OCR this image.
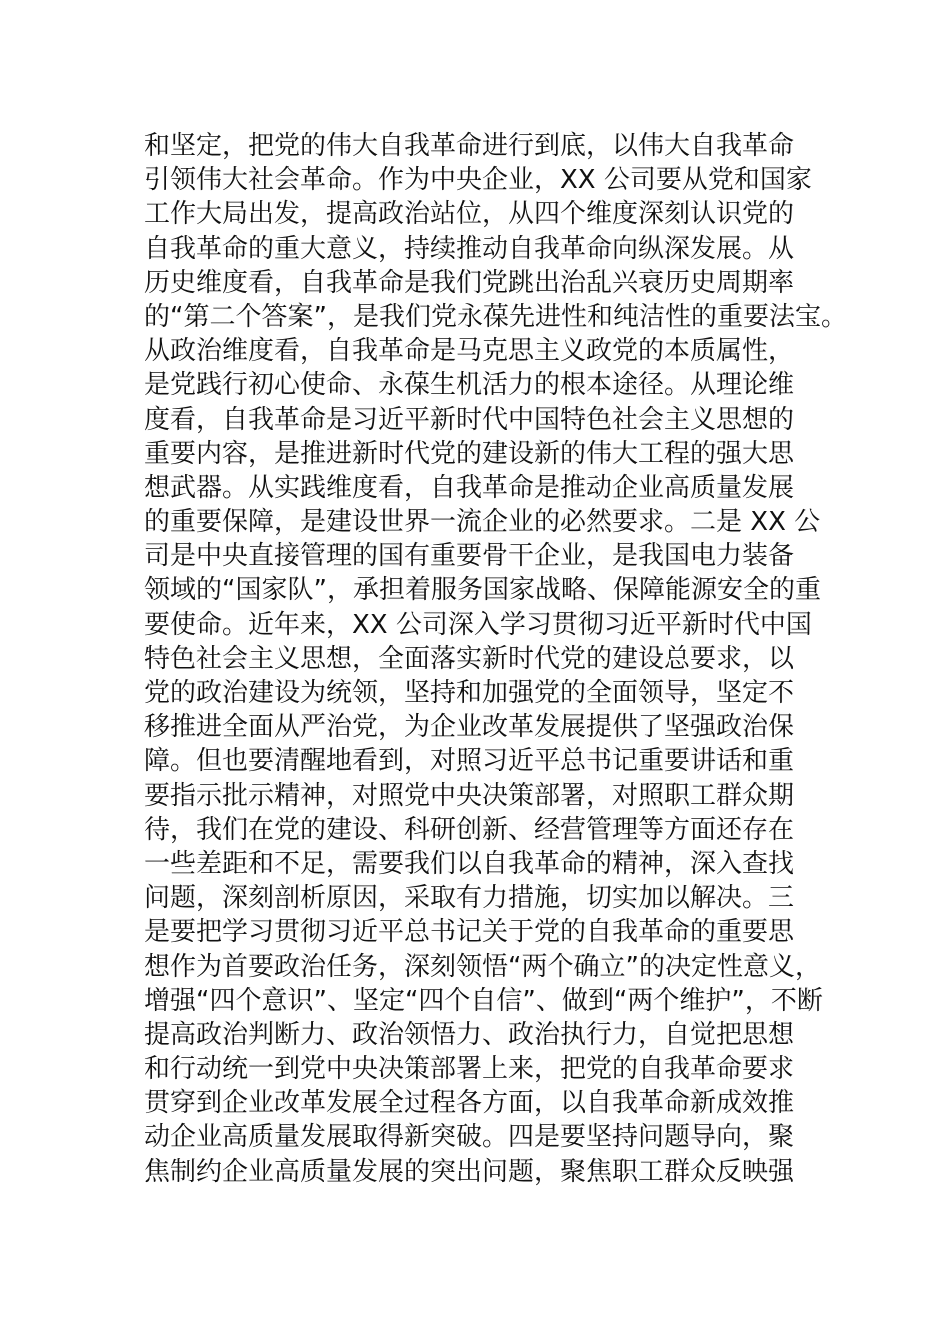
和坚定，把党的伟大自我革命进行到底，以伟大自我革命
引领伟大社会革命。作为中央企业，XX 公司要从党和国家
工作大局出发，提高政治站位，从四个维度深刻认识党的
自我革命的重大意义，持续推动自我革命向纵深发展。从
历史维度看，自我革命是我们党跳出治乱兴衰历史周期率
的“第二个答案”，是我们党永葆先进性和纯洁性的重要法宝。
从政治维度看，自我革命是马克思主义政党的本质属性，
是党践行初心使命、永葆生机活力的根本途径。从理论维
度看，自我革命是习近平新时代中国特色社会主义思想的
重要内容，是推进新时代党的建设新的伟大工程的强大思
想武器。从实践维度看，自我革命是推动企业高质量发展
的重要保障，是建设世界一流企业的必然要求。二是 XX 公
司是中央直接管理的国有重要骨干企业，是我国电力装备
领域的“国家队”，承担着服务国家战略、保障能源安全的重
要使命。近年来，XX 公司深入学习贯彻习近平新时代中国
特色社会主义思想，全面落实新时代党的建设总要求，以
党的政治建设为统领，坚持和加强党的全面领导，坚定不
移推进全面从严治党，为企业改革发展提供了坚强政治保
障。但也要清醒地看到，对照习近平总书记重要讲话和重
要指示批示精神，对照党中央决策部署，对照职工群众期
待，我们在党的建设、科研创新、经营管理等方面还存在
一些差距和不足，需要我们以自我革命的精神，深入查找
问题，深刻剖析原因，采取有力措施，切实加以解决。三
是要把学习贯彻习近平总书记关于党的自我革命的重要思
想作为首要政治任务，深刻领悟“两个确立”的决定性意义，
增强“四个意识”、坚定“四个自信”、做到“两个维护”，不断
提高政治判断力、政治领悟力、政治执行力，自觉把思想
和行动统一到党中央决策部署上来，把党的自我革命要求
贯穿到企业改革发展全过程各方面，以自我革命新成效推
动企业高质量发展取得新突破。四是要坚持问题导向，聚
焦制约企业高质量发展的突出问题，聚焦职工群众反映强
